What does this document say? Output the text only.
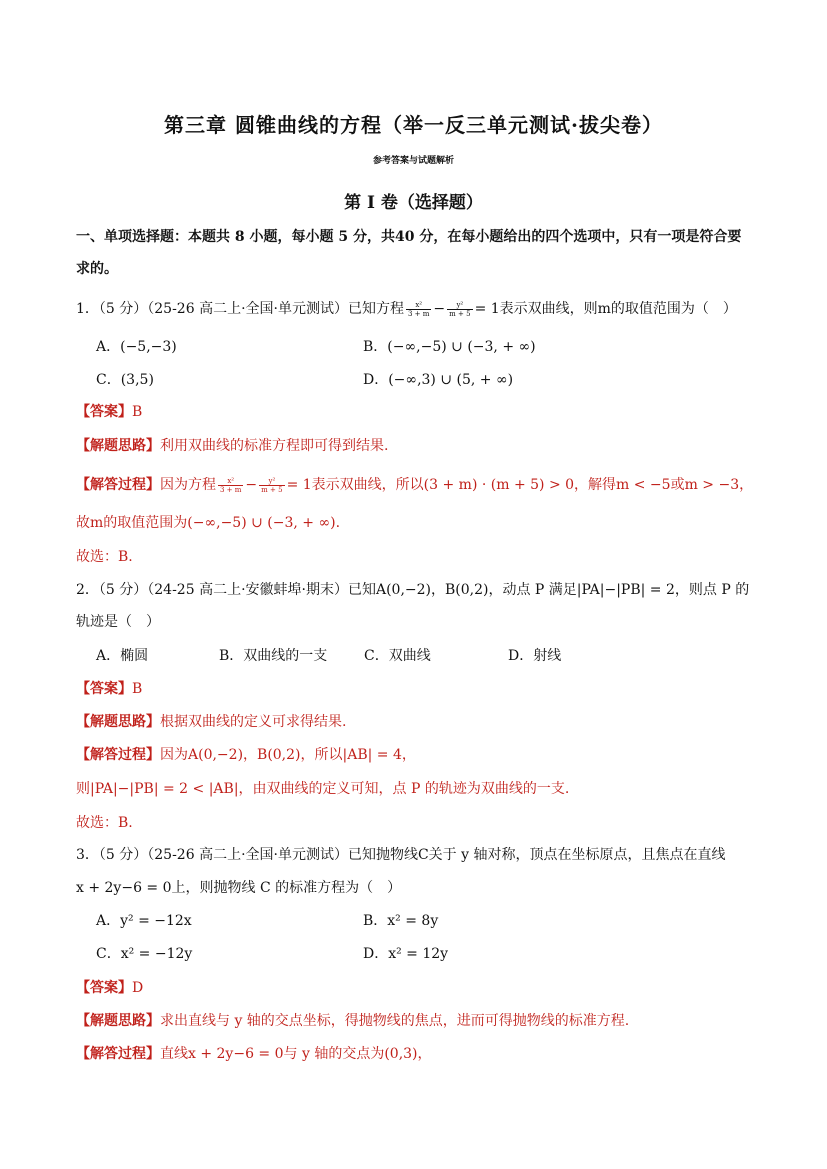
第三章 圆锥曲线的方程（举一反三单元测试·拔尖卷）
参考答案与试题解析
第 I 卷（选择题）
一、单项选择题：本题共 8 小题，每小题 5 分，共40 分，在每小题给出的四个选项中，只有一项是符合要
求的。
1．（5 分）（25-26 高二上·全国·单元测试）已知方程 $\frac{\text{x²}}{3 + m} - \frac{\text{y²}}{m + 5} = 1$表示双曲线，则m的取值范围为（　）
A．(−5,−3)	B．(−∞,−5) ∪ (−3, + ∞)
C．(3,5)	D．(−∞,3) ∪ (5, + ∞)
【答案】B
【解题思路】利用双曲线的标准方程即可得到结果.
【解答过程】因为方程 $\frac{\text{x²}}{3 + m} - \frac{\text{y²}}{m + 5} = 1$表示双曲线，所以(3 + m) · (m + 5) > 0，解得m < −5或m > −3，
故m的取值范围为(−∞,−5) ∪ (−3, + ∞).
故选：B.
2．（5 分）（24-25 高二上·安徽蚌埠·期末）已知A(0,−2)，B(0,2)，动点 P 满足|PA|−|PB| = 2，则点 P 的
轨迹是（　）
A．椭圆	B．双曲线的一支	C．双曲线	D．射线
【答案】B
【解题思路】根据双曲线的定义可求得结果.
【解答过程】因为A(0,−2)，B(0,2)，所以|AB| = 4，
则|PA|−|PB| = 2 < |AB|，由双曲线的定义可知，点 P 的轨迹为双曲线的一支.
故选：B.
3．（5 分）（25-26 高二上·全国·单元测试）已知抛物线C关于 y 轴对称，顶点在坐标原点，且焦点在直线
x + 2y−6 = 0上，则抛物线 C 的标准方程为（　）
A．y² = −12x	B．x² = 8y
C．x² = −12y	D．x² = 12y
【答案】D
【解题思路】求出直线与 y 轴的交点坐标，得抛物线的焦点，进而可得抛物线的标准方程.
【解答过程】直线x + 2y−6 = 0与 y 轴的交点为(0,3)，
